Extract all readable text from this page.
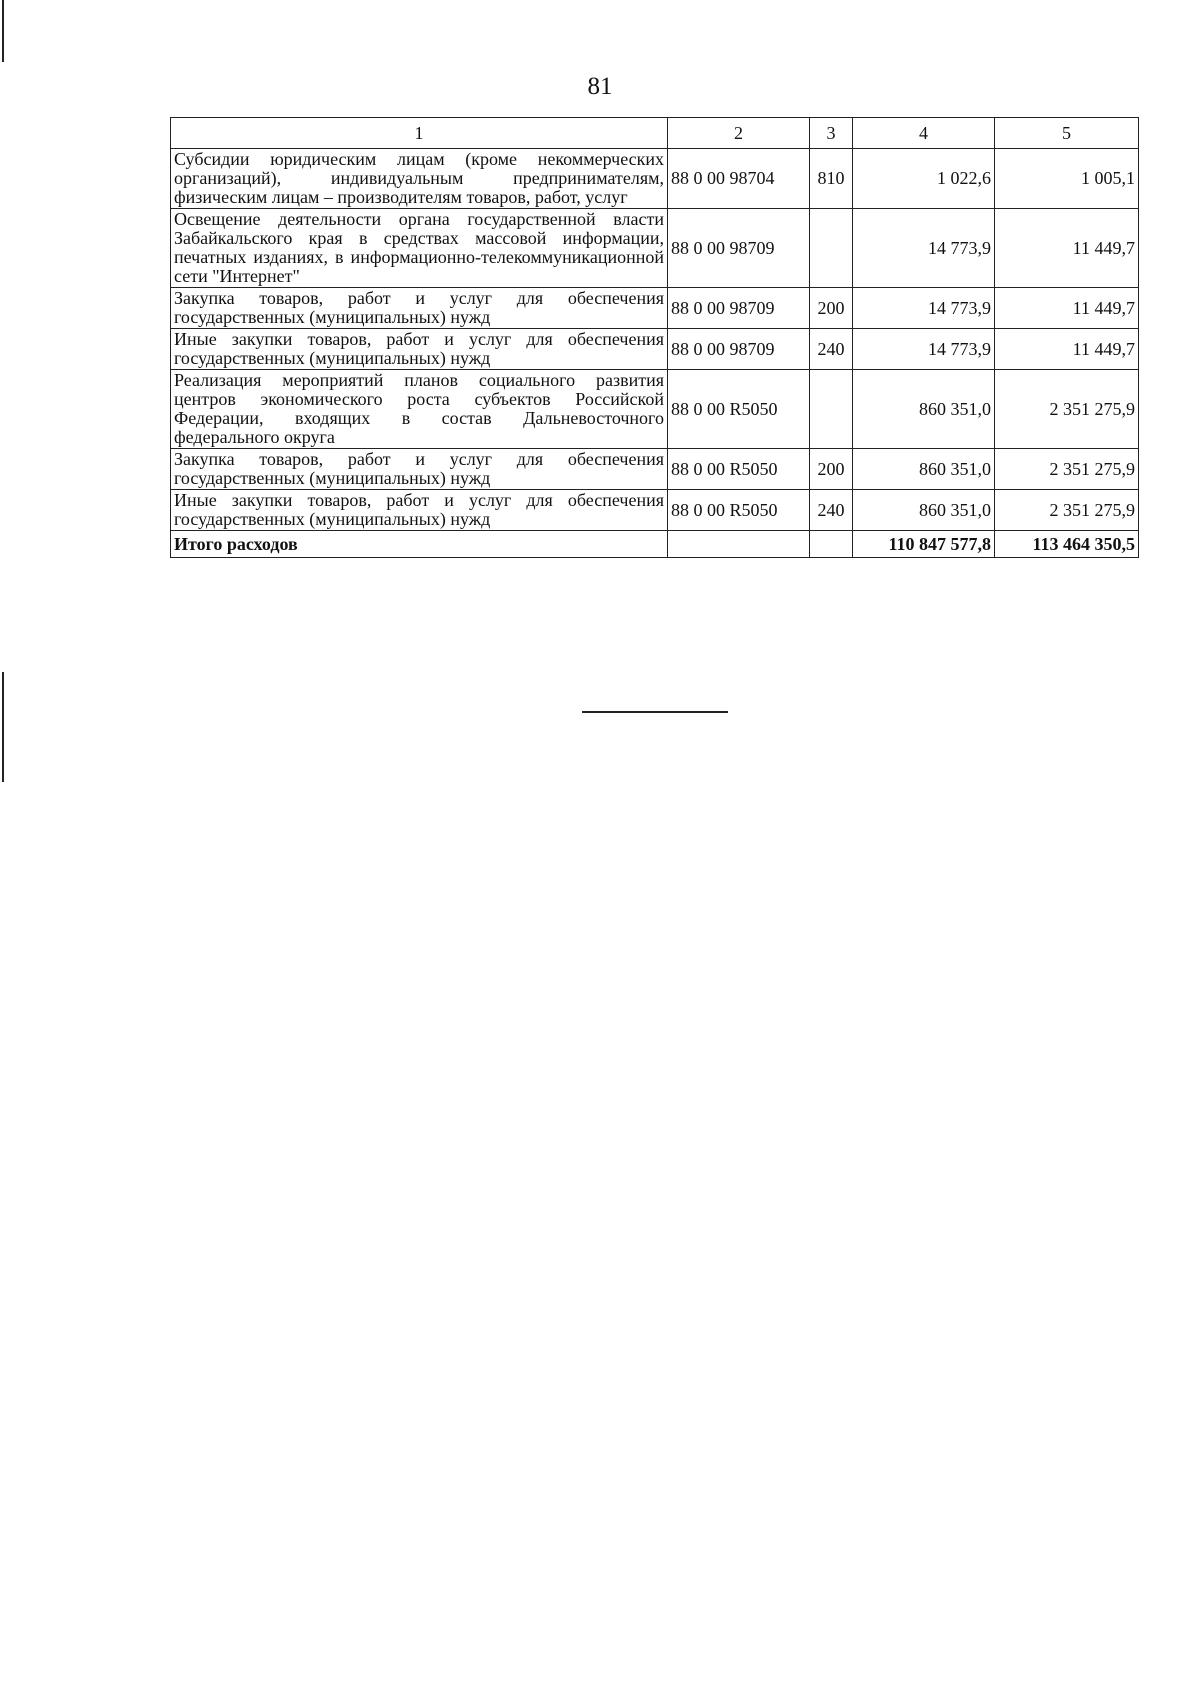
81
1	2	3	4	5
Субсидии юридическим лицам (кроме некоммерческих организаций), индивидуальным предпринимателям, физическим лицам – производителям товаров, работ, услуг	88 0 00 98704	810	1 022,6	1 005,1
Освещение деятельности органа государственной власти Забайкальского края в средствах массовой информации, печатных изданиях, в информационно-телекоммуникационной сети "Интернет"	88 0 00 98709		14 773,9	11 449,7
Закупка товаров, работ и услуг для обеспечения государственных (муниципальных) нужд	88 0 00 98709	200	14 773,9	11 449,7
Иные закупки товаров, работ и услуг для обеспечения государственных (муниципальных) нужд	88 0 00 98709	240	14 773,9	11 449,7
Реализация мероприятий планов социального развития центров экономического роста субъектов Российской Федерации, входящих в состав Дальневосточного федерального округа	88 0 00 R5050		860 351,0	2 351 275,9
Закупка товаров, работ и услуг для обеспечения государственных (муниципальных) нужд	88 0 00 R5050	200	860 351,0	2 351 275,9
Иные закупки товаров, работ и услуг для обеспечения государственных (муниципальных) нужд	88 0 00 R5050	240	860 351,0	2 351 275,9
Итого расходов			110 847 577,8	113 464 350,5
